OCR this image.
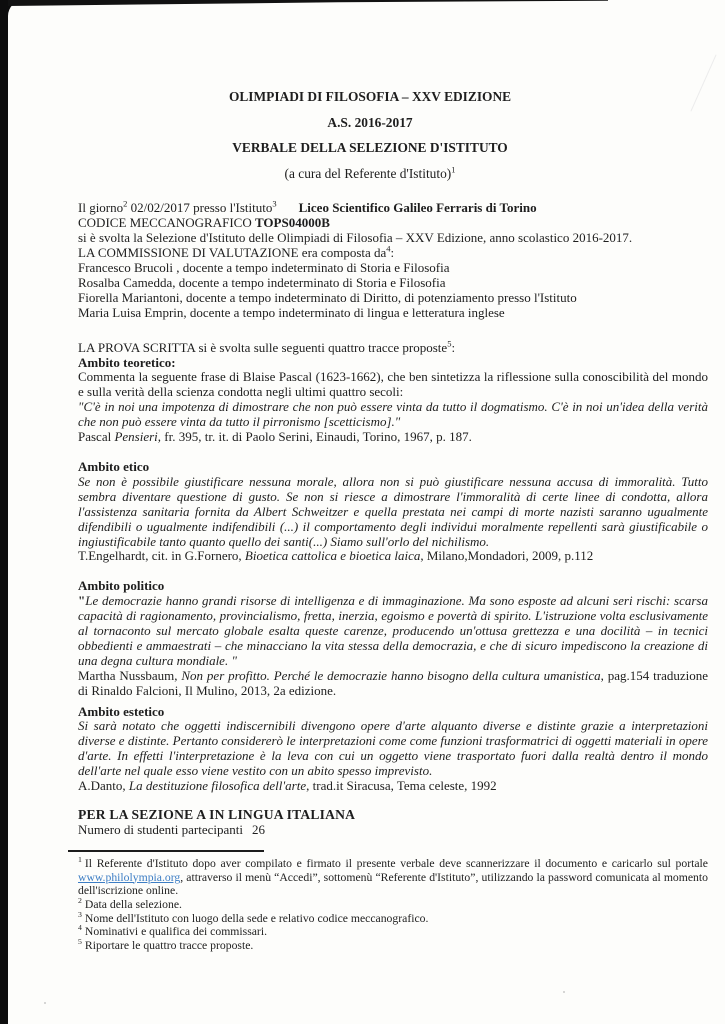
OLIMPIADI DI FILOSOFIA – XXV EDIZIONE
A.S. 2016-2017
VERBALE DELLA SELEZIONE D'ISTITUTO
(a cura del Referente d'Istituto)$^1$

Il giorno$^2$ 02/02/2017 presso l'Istituto$^3$ Liceo Scientifico Galileo Ferraris di Torino

CODICE MECCANOGRAFICO TOPS04000B

si è svolta la Selezione d'Istituto delle Olimpiadi di Filosofia – XXV Edizione, anno scolastico 2016-2017.

LA COMMISSIONE DI VALUTAZIONE era composta $da^4$:

Francesco Brucoli , docente a tempo indeterminato di Storia e Filosofia

Rosalba Camedda, docente a tempo indeterminato di Storia e Filosofia

Fiorella Mariantoni, docente a tempo indeterminato di Diritto, di potenziamento presso l'Istituto

Maria Luisa Emprin, docente a tempo indeterminato di lingua e letteratura inglese

LA PROVA SCRITTA si è svolta sulle seguenti quattro tracce proposte$^5$:

Ambito teoretico:

Commenta la seguente frase di Blaise Pascal (1623-1662), che ben sintetizza la riflessione sulla conoscibilità del mondo e sulla verità della scienza condotta negli ultimi quattro secoli:

"C'è in noi una impotenza di dimostrare che non può essere vinta da tutto il dogmatismo. C'è in noi un'idea della verità che non può essere vinta da tutto il pirronismo [scetticismo]."

Pascal Pensieri, fr. 395, tr. it. di Paolo Serini, Einaudi, Torino, 1967, p. 187.

Ambito etico

Se non è possibile giustificare nessuna morale, allora non si può giustificare nessuna accusa di immoralità. Tutto sembra diventare questione di gusto. Se non si riesce a dimostrare l'immoralità di certe linee di condotta, allora l'assistenza sanitaria fornita da Albert Schweitzer e quella prestata nei campi di morte nazisti saranno ugualmente difendibili o ugualmente indifendibili (...) il comportamento degli individui moralmente repellenti sarà giustificabile o ingiustificabile tanto quanto quello dei santi(...) Siamo sull'orlo del nichilismo.

T.Engelhardt, cit. in G.Fornero, Bioetica cattolica e bioetica laica, Milano,Mondadori, 2009, p.112

Ambito politico

"Le democrazie hanno grandi risorse di intelligenza e di immaginazione. Ma sono esposte ad alcuni seri rischi: scarsa capacità di ragionamento, provincialismo, fretta, inerzia, egoismo e povertà di spirito. L'istruzione volta esclusivamente al tornaconto sul mercato globale esalta queste carenze, producendo un'ottusa grettezza e una docilità – in tecnici obbedienti e ammaestrati – che minacciano la vita stessa della democrazia, e che di sicuro impediscono la creazione di una degna cultura mondiale. "

Martha Nussbaum, Non per profitto. Perché le democrazie hanno bisogno della cultura umanistica, pag.154 traduzione di Rinaldo Falcioni, Il Mulino, 2013, 2a edizione.

Ambito estetico

Si sarà notato che oggetti indiscernibili divengono opere d'arte alquanto diverse e distinte grazie a interpretazioni diverse e distinte. Pertanto considererò le interpretazioni come come funzioni trasformatrici di oggetti materiali in opere d'arte. In effetti l'interpretazione è la leva con cui un oggetto viene trasportato fuori dalla realtà dentro il mondo dell'arte nel quale esso viene vestito con un abito spesso imprevisto.

A.Danto, La destituzione filosofica dell'arte, trad.it Siracusa, Tema celeste, 1992

PER LA SEZIONE A IN LINGUA ITALIANA

Numero di studenti partecipanti 26

$^1$ Il Referente d'Istituto dopo aver compilato e firmato il presente verbale deve scannerizzare il documento e caricarlo sul portale www.philolympia.org, attraverso il menù “Accedi”, sottomenù “Referente d'Istituto”, utilizzando la password comunicata al momento dell'iscrizione online.

$^2$ Data della selezione.

$^3$ Nome dell'Istituto con luogo della sede e relativo codice meccanografico.

$^4$ Nominativi e qualifica dei commissari.

$^5$ Riportare le quattro tracce proposte.
